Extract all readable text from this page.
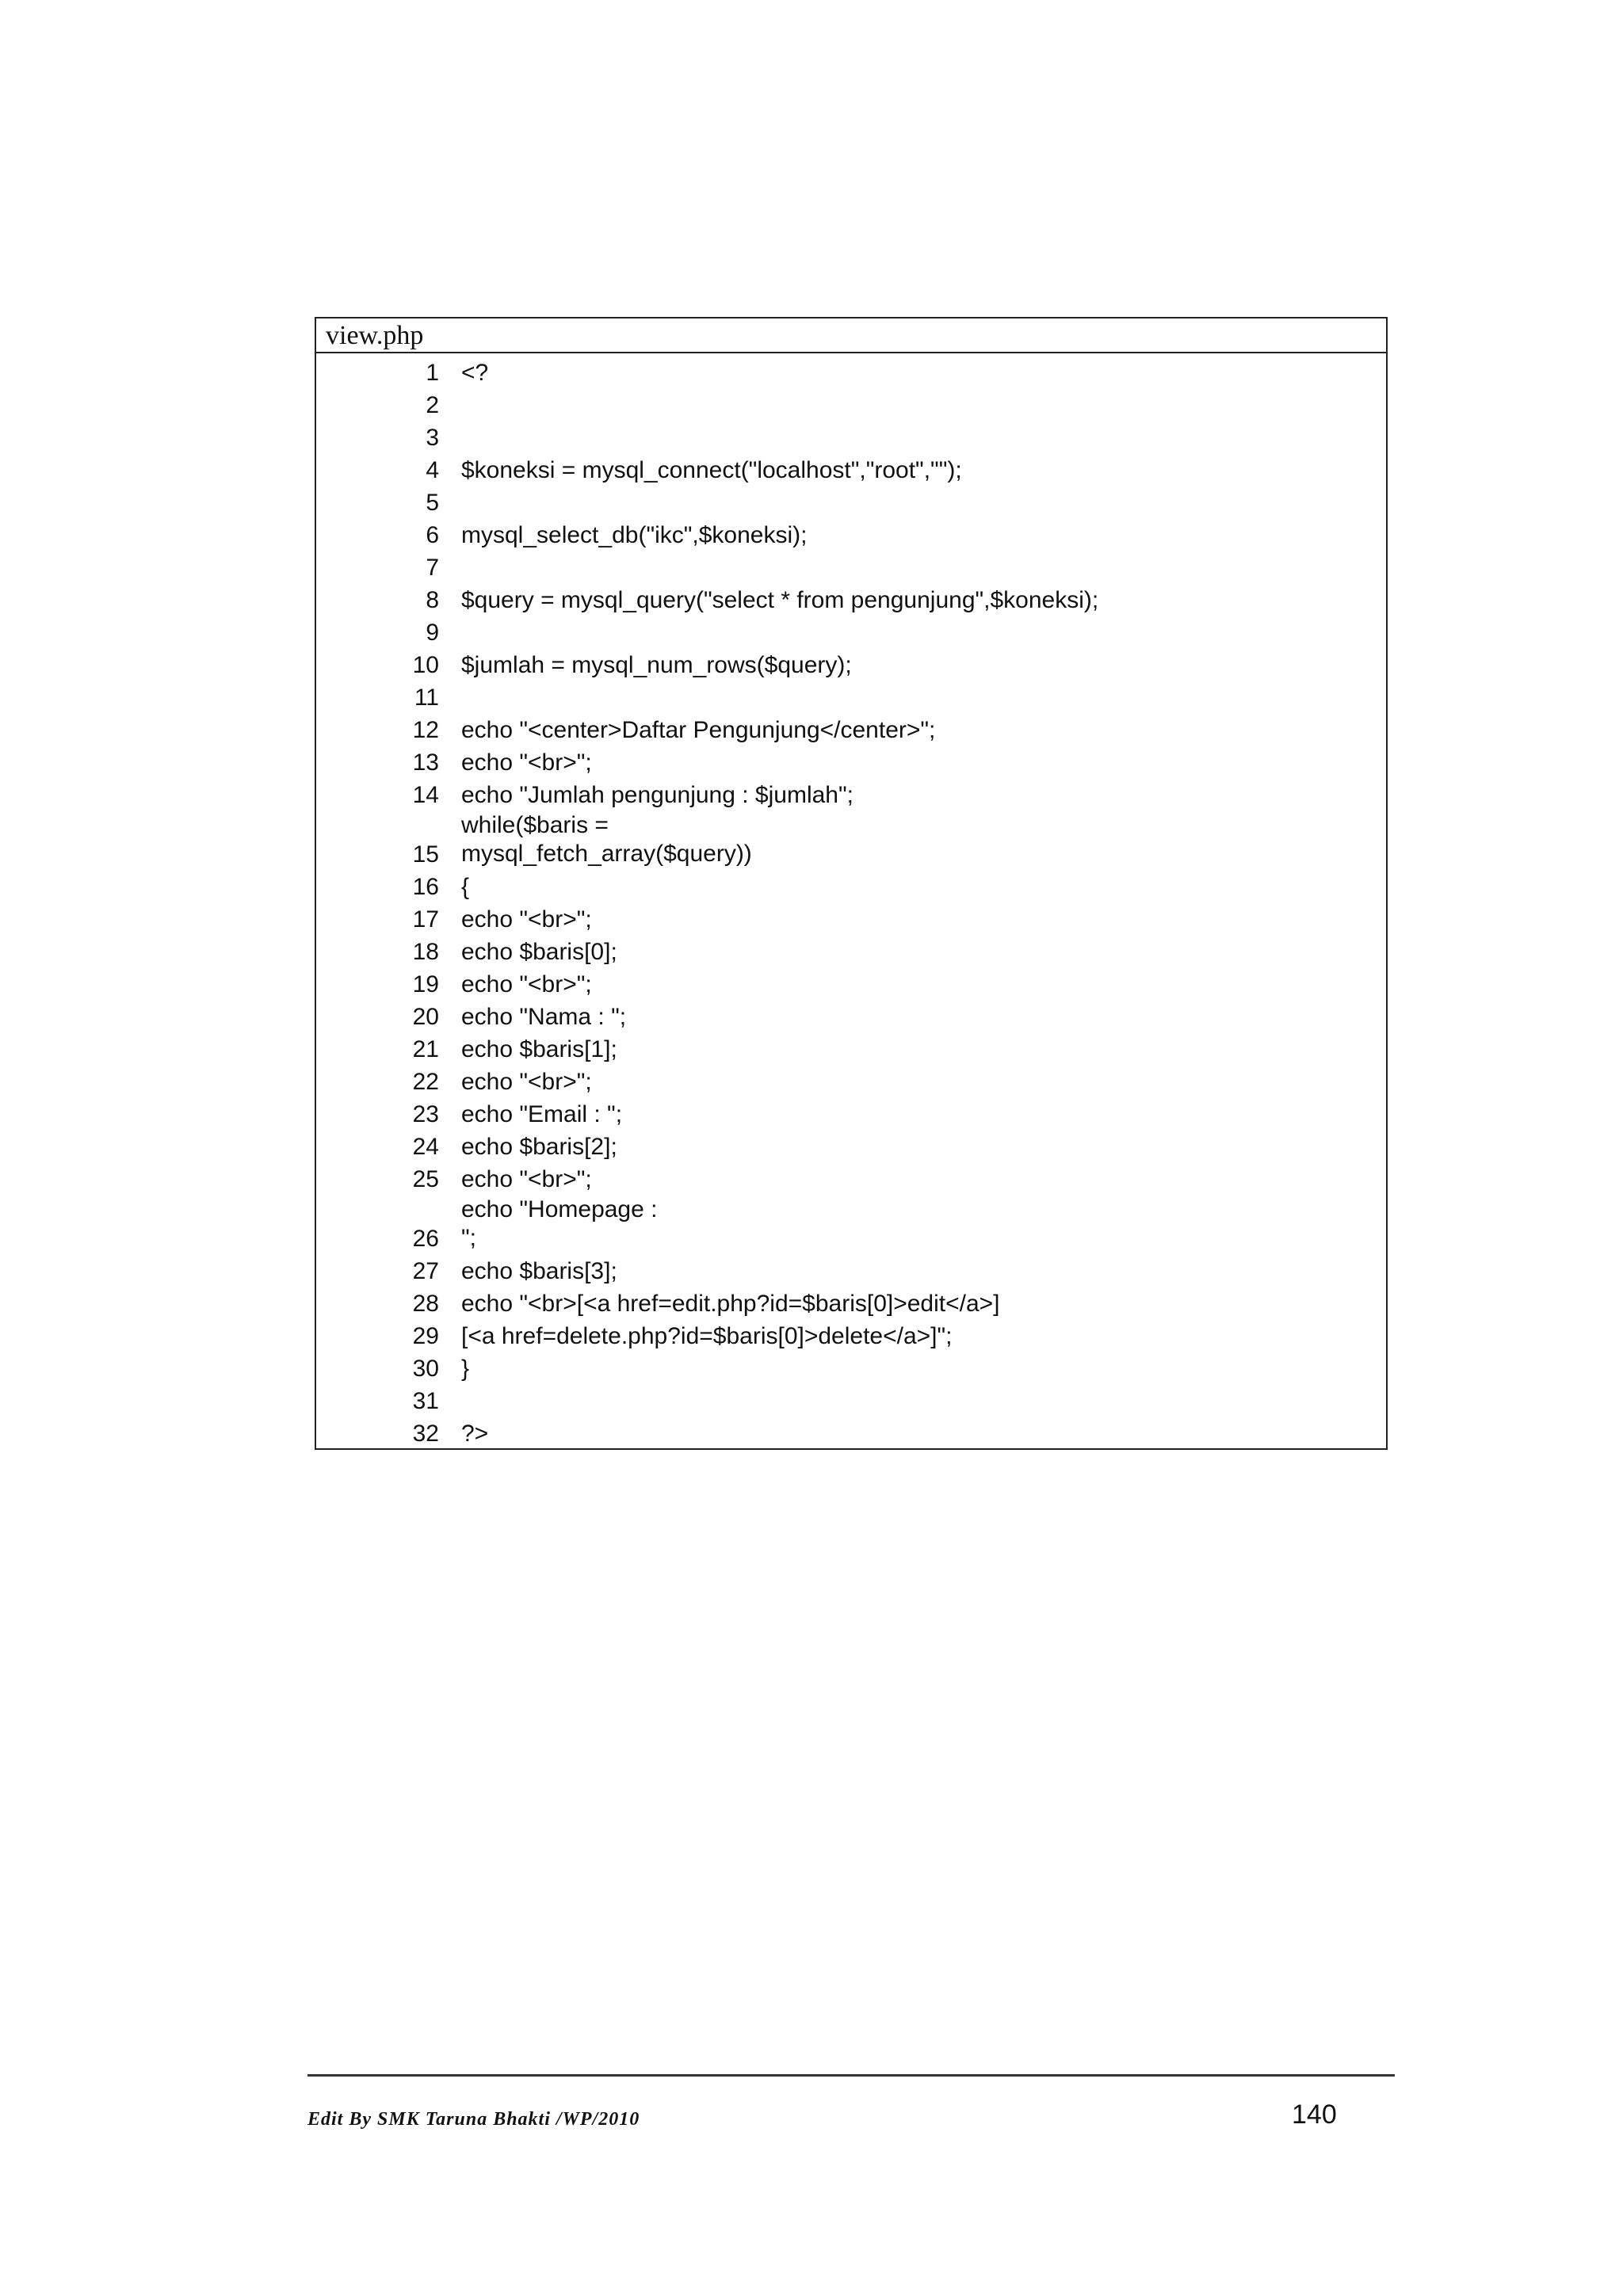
view.php
1 <?
2
3
4 $koneksi = mysql_connect("localhost","root","");
5
6 mysql_select_db("ikc",$koneksi);
7
8 $query = mysql_query("select * from pengunjung",$koneksi);
9
10 $jumlah = mysql_num_rows($query);
11
12 echo "<center>Daftar Pengunjung</center>";
13 echo "<br>";
14 echo "Jumlah pengunjung : $jumlah";
15
while($baris =
mysql_fetch_array($query))
16 {
17 echo "<br>";
18 echo $baris[0];
19 echo "<br>";
20 echo "Nama : ";
21 echo $baris[1];
22 echo "<br>";
23 echo "Email : ";
24 echo $baris[2];
25 echo "<br>";
26
echo "Homepage :
";
27 echo $baris[3];
28 echo "<br>[<a href=edit.php?id=$baris[0]>edit</a>]
29 [<a href=delete.php?id=$baris[0]>delete</a>]";
30 }
31
32 ?>
Edit By SMK Taruna Bhakti /WP/2010	140
